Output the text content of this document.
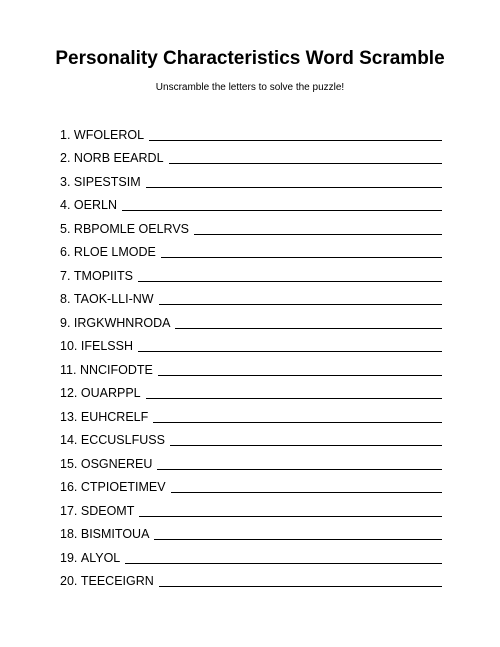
Personality Characteristics Word Scramble
Unscramble the letters to solve the puzzle!
1.
WFOLEROL
2.
NORB EEARDL
3.
SIPESTSIM
4.
OERLN
5.
RBPOMLE OELRVS
6.
RLOE LMODE
7.
TMOPIITS
8.
TAOK-LLI-NW
9.
IRGKWHNRODA
10.
IFELSSH
11.
NNCIFODTE
12.
OUARPPL
13.
EUHCRELF
14.
ECCUSLFUSS
15.
OSGNEREU
16.
CTPIOETIMEV
17.
SDEOMT
18.
BISMITOUA
19.
ALYOL
20.
TEECEIGRN
